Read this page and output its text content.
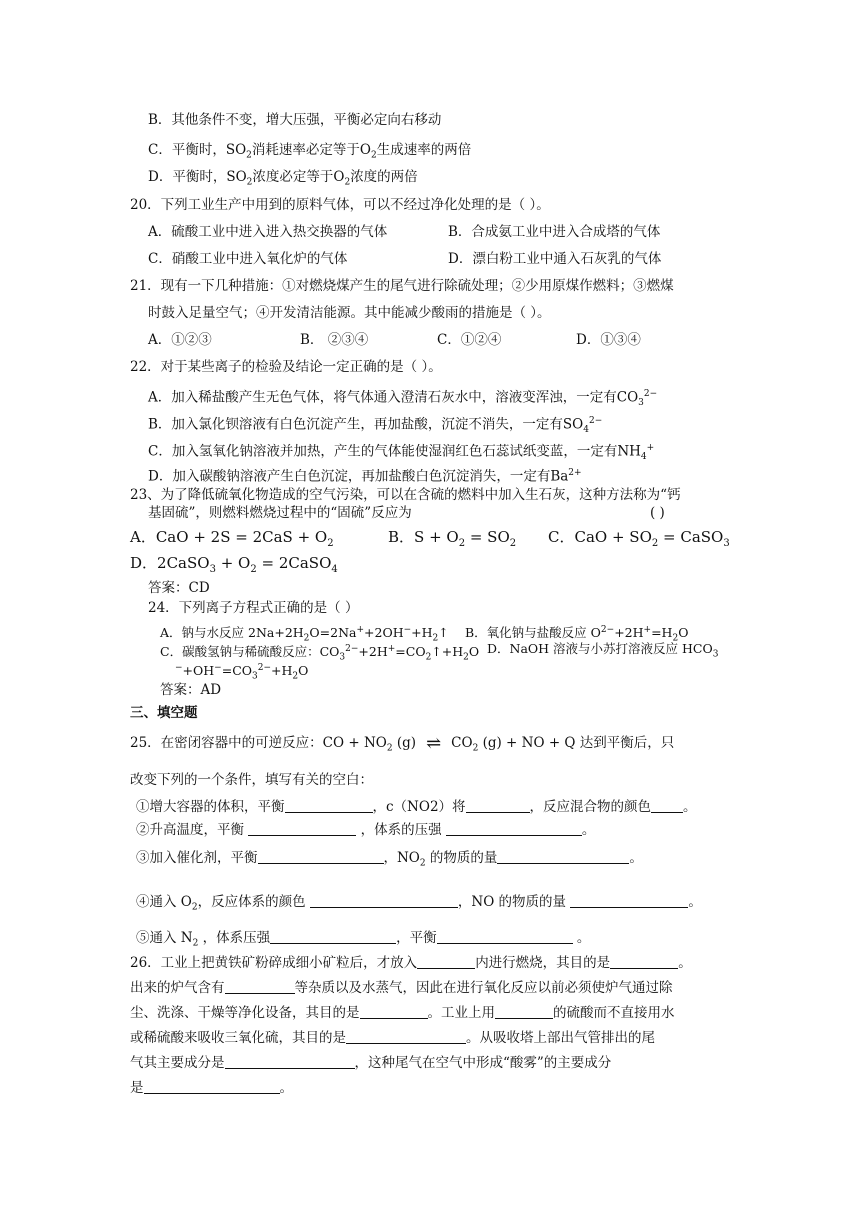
B．其他条件不变，增大压强，平衡必定向右移动
C．平衡时，$SO_2$消耗速率必定等于$O_2$生成速率的两倍
D．平衡时，$SO_2$浓度必定等于$O_2$浓度的两倍
20．下列工业生产中用到的原料气体，可以不经过净化处理的是（ ）。
A．硫酸工业中进入进入热交换器的气体	B．合成氨工业中进入合成塔的气体
C．硝酸工业中进入氧化炉的气体	D．漂白粉工业中通入石灰乳的气体
21．现有一下几种措施：①对燃烧煤产生的尾气进行除硫处理；②少用原煤作燃料；③燃煤
时鼓入足量空气；④开发清洁能源。其中能减少酸雨的措施是（ ）。
A．①②③	B． ②③④	C．①②④	D．①③④
22．对于某些离子的检验及结论一定正确的是（ ）。
A．加入稀盐酸产生无色气体，将气体通入澄清石灰水中，溶液变浑浊，一定有$CO_3^{2-}$
B．加入氯化钡溶液有白色沉淀产生，再加盐酸，沉淀不消失，一定有$SO_4^{2-}$
C．加入氢氧化钠溶液并加热，产生的气体能使湿润红色石蕊试纸变蓝，一定有$NH_4^+$
D．加入碳酸钠溶液产生白色沉淀，再加盐酸白色沉淀消失，一定有$Ba^{2+}$
23、为了降低硫氧化物造成的空气污染，可以在含硫的燃料中加入生石灰，这种方法称为“钙
基固硫”，则燃料燃烧过程中的“固硫”反应为	( )
A．CaO + $2S = 2CaS + O_2$	B．$S + O_2 = SO_2$ C．CaO + $SO_2$ = CaSO$_3$
D．2CaSO$_3$ + $O_2$ = 2CaSO$_4$
答案：CD
24．下列离子方程式正确的是（ ）
A．钠与水反应 $2Na+2H_2O=2Na^++2OH^-+H_2↑$ B．氧化钠与盐酸反应 $O^{2-}+2H^+=H_2O$
C．碳酸氢钠与稀硫酸反应：$CO_3^{2-}+2H^+=CO_2↑+H_2O$ D．NaOH 溶液与小苏打溶液反应 $HCO_3$
$^-+OH^-=CO_3^{2-}+H_2O$
答案：AD
三、填空题
25．在密闭容器中的可逆反应：CO + $NO_2$ (g) ⇌ $CO_2$ (g) + NO + Q 达到平衡后，只
改变下列的一个条件，填写有关的空白：
①增大容器的体积，平衡	，c（NO2）将	，反应混合物的颜色 。
②升高温度，平衡	，体系的压强	。
③加入催化剂，平衡	，$NO_2$ 的物质的量	。
④通入 $O_2$，反应体系的颜色	，NO 的物质的量	。
⑤通入 $N_2$ ，体系压强	，平衡	。
26．工业上把黄铁矿粉碎成细小矿粒后，才放入	内进行燃烧，其目的是	。
出来的炉气含有	等杂质以及水蒸气，因此在进行氧化反应以前必须使炉气通过除
尘、洗涤、干燥等净化设备，其目的是	。工业上用	的硫酸而不直接用水
或稀硫酸来吸收三氧化硫，其目的是	。从吸收塔上部出气管排出的尾
气其主要成分是	，这种尾气在空气中形成“酸雾”的主要成分
是	。
